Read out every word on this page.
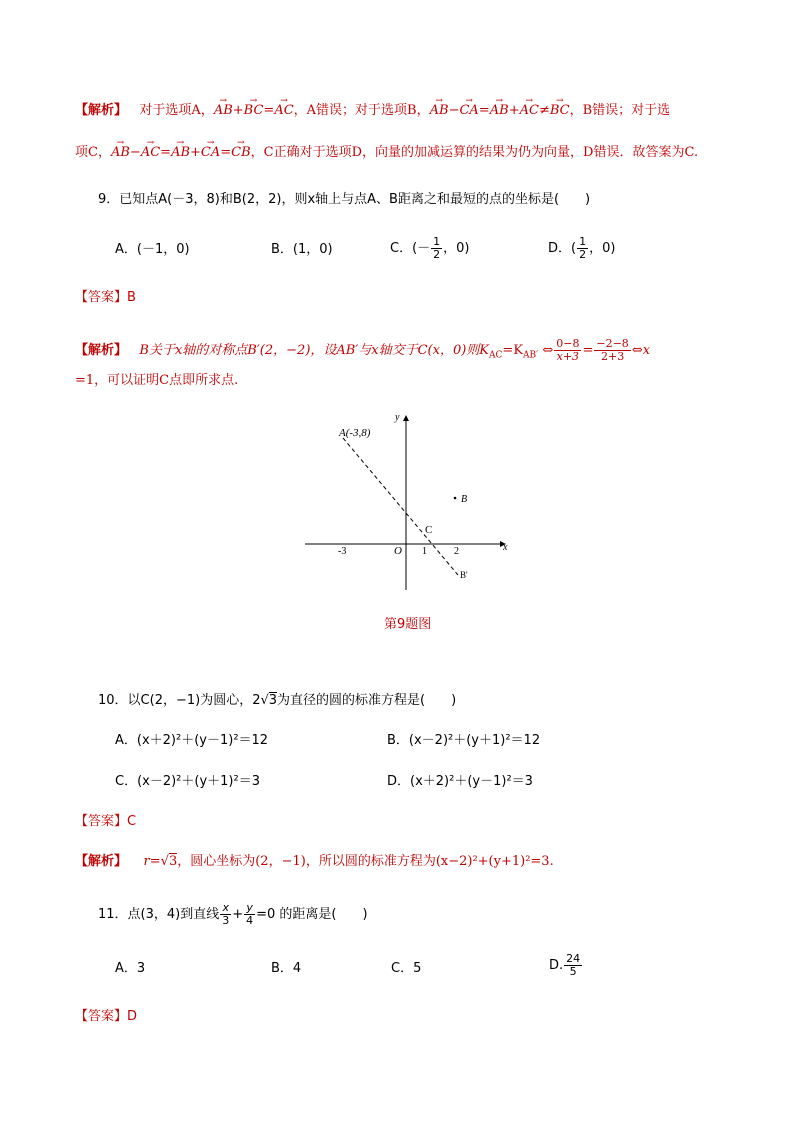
【解析】 对于选项A，→ AB+→ BC=→ AC，A错误；对于选项B，→ AB−→ CA=→ AB+→ AC≠→ BC，B错误；对于选
项C，→ AB−→ AC=→ AB+→ CA=→ CB，C正确对于选项D，向量的加减运算的结果为仍为向量，D错误．故答案为C.
9．已知点A(－3，8)和B(2，2)，则x轴上与点A、B距离之和最短的点的坐标是(　　)
A．(－1，0)	B．(1，0)	C．(－ $\frac{1}{2}$ ，0)	D．( $\frac{1}{2}$ ，0)
【答案】B
【解析】 B关于x轴的对称点B′(2，−2)，设AB′与x轴交于C(x，0)则$K_{AC}=K_{AB'}$ ⇔ $\frac{0-8}{x+3} = \frac{-2-8}{2+3}$ ⇔x
=1，可以证明C点即所求点.
A(-3,8)
B
B'
C
O	x
y
-3	1	2
第9题图
10．以C(2，−1)为圆心，2√3为直径的圆的标准方程是(　　)
A．(x＋2)²＋(y－1)²＝12	B．(x－2)²＋(y＋1)²＝12
C．(x－2)²＋(y＋1)²＝3	D．(x＋2)²＋(y－1)²＝3
【答案】C
【解析】 r=√3，圆心坐标为(2，−1)，所以圆的标准方程为(x−2)²+(y+1)²=3.
11．点(3，4)到直线 $\frac{x}{3} + \frac{y}{4} =0$ 的距离是(　　)
A．3	B．4	C．5	D. $\frac{24}{5}$
【答案】D
